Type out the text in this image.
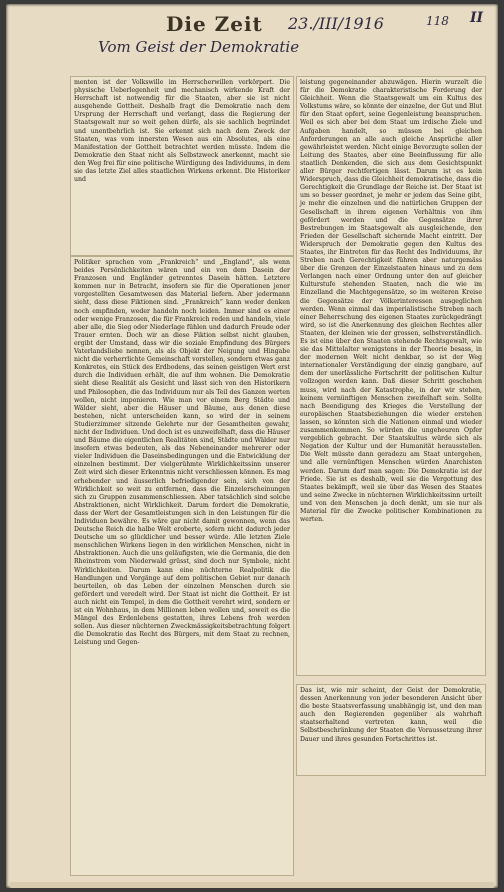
Die Zeit 23./III/1916	118 II
Vom Geist der Demokratie

menten ist der Volkswille im Herrscherwillen verkörpert. Die physische Ueberlegenheit und mechanisch wirkende Kraft der Herrschaft ist notwendig für die Staaten, aber sie ist nicht ausgehende Gottheit. Deshalb fragt die Demokratie nach dem Ursprung der Herrschaft und verlangt, dass die Regierung der Staatsgewalt nur so weit gehen dürfe, als sie sachlich begründet und unentbehrlich ist. Sie erkennt sich nach dem Zweck der Staaten, was vom innersten Wesen aus ein Absolutes, als eine Manifestation der Gottheit betrachtet werden müsste. Indem die Demokratie den Staat nicht als Selbstzweck anerkennt, macht sie den Weg frei für eine politische Würdigung des Individuums, in dem sie das letzte Ziel alles staatlichen Wirkens erkennt. Die Historiker und

Politiker sprachen vom „Frankreich“ und „England“, als wenn beides Persönlichkeiten wären und ein von dem Dasein der Franzosen und Engländer getrenntes Dasein hätten. Letztere kommen nur in Betracht, insofern sie für die Operationen jener vorgestellten Gesamtwesen das Material liefern. Aber jedermann sieht, dass diese Fiktionen sind. „Frankreich“ kann weder denken noch empfinden, weder handeln noch leiden. Immer sind es einer oder wenige Franzosen, die für Frankreich reden und handeln, viele aber alle, die Sieg oder Niederlage fühlen und dadurch Freude oder Trauer ernten. Doch wir an diese Fiktion selbst nicht glauben, ergibt der Umstand, dass wir die soziale Empfindung des Bürgers Vaterlandsliebe nennen, als als Objekt der Neigung und Hingabe nicht die verherrlichte Gemeinschaft vorstellen, sondern etwas ganz Konkretes, ein Stück des Erdbodens, das seinen geistigen Wert erst durch die Individuen erhält, die auf ihm wohnen. Die Demokratie sieht diese Realität als Gesicht und lässt sich von den Historikern und Philosophen, die das Individuum nur als Teil des Ganzen werten wollen, nicht imponieren. Wie man vor einem Berg Städte und Wälder sieht, aber die Häuser und Bäume, aus denen diese bestehen, nicht unterscheiden kann, so wird der in seinem Studierzimmer sitzende Gelehrte nur der Gesamtheiten gewahr, nicht der Individuen. Und doch ist es unzweifelhaft, dass die Häuser und Bäume die eigentlichen Realitäten sind, Städte und Wälder nur insofern etwas bedeuten, als das Nebeneinander mehrerer oder vieler Individuen die Daseinsbedingungen und die Entwicklung der einzelnen bestimmt. Der vielgerühmte Wirklichkeitssinn unserer Zeit wird sich dieser Erkenntnis nicht verschliessen können. Es mag erhebender und äusserlich befriedigender sein, sich von der Wirklichkeit so weit zu entfernen, dass die Einzelerscheinungen sich zu Gruppen zusammenschliessen. Aber tatsächlich sind solche Abstraktionen, nicht Wirklichkeit. Darum fordert die Demokratie, dass der Wert der Gesamtleistungen sich in den Leistungen für die Individuen bewähre. Es wäre gar nicht damit gewonnen, wenn das Deutsche Reich die halbe Welt eroberte, sofern nicht dadurch jeder Deutsche um so glücklicher und besser würde. Alle letzten Ziele menschlichen Wirkens liegen in den wirklichen Menschen, nicht in Abstraktionen. Auch die uns geläufigsten, wie die Germania, die den Rheinstrom vom Niederwald grüsst, sind doch nur Symbole, nicht Wirklichkeiten. Darum kann eine nüchterne Realpolitik die Handlungen und Vorgänge auf dem politischen Gebiet nur danach beurteilen, ob das Leben der einzelnen Menschen durch sie gefördert und veredelt wird. Der Staat ist nicht die Gottheit. Er ist auch nicht ein Tempel, in dem die Gottheit verehrt wird, sondern er ist ein Wohnhaus, in dem Millionen leben wollen und, soweit es die Mängel des Erdenlebens gestatten, ihres Lebens froh werden sollen. Aus dieser nüchternen Zweckmässigkeitsbetrachtung folgert die Demokratie das Recht des Bürgers, mit dem Staat zu rechnen, Leistung und Gegen-

leistung gegeneinander abzuwägen. Hierin wurzelt die für die Demokratie charakteristische Forderung der Gleichheit. Wenn die Staatsgewalt um ein Kultus des Volkstums wäre, so könnte der einzelne, der Gut und Blut für den Staat opfert, seine Gegenleistung beanspruchen. Weil es sich aber bei dem Staat um irdische Ziele und Aufgaben handelt, so müssen bei gleichen Anforderungen an alle auch gleiche Ansprüche aller gewährleistet werden. Nicht einige Bevorzugte sollen der Leitung des Staates, aber eine Beeinflussung für alle staatlich Denkenden, die sich aus dem Gesichtspunkt aller Bürger rechtfertigen lässt. Darum ist es kein Widerspruch, dass die Gleichheit demokratische, dass die Gerechtigkeit die Grundlage der Reiche ist. Der Staat ist um so besser geordnet, je mehr er jedem das Seine gibt, je mehr die einzelnen und die natürlichen Gruppen der Gesellschaft in ihrem eigenen Verhältnis von ihm gefördert werden und die Gegensätze ihrer Bestrebungen im Staatsgewalt als ausgleichende, den Frieden der Gesellschaft sichernde Macht eintritt. Der Widerspruch der Demokratie gegen den Kultus des Staates, ihr Eintreten für das Recht des Individuums, ihr Streben nach Gerechtigkeit führen aber naturgemäss über die Grenzen der Einzelstaaten hinaus und zu dem Verlangen nach einer Ordnung unter den auf gleicher Kulturstufe stehenden Staaten, nach die wie im Einzelland die Machtgegensätze, so im weiteren Kreise die Gegensätze der Völkerinteressen ausgeglichen werden. Wenn einmal das imperialistische Streben nach einer Beherrschung des eigenen Staates zurückgedrängt wird, so ist die Anerkennung des gleichen Rechtes aller Staaten, der kleinen wie der grossen, selbstverständlich. Es ist eine über den Staaten stehende Rechtsgewalt, wie sie das Mittelalter wenigstens in der Theorie besass, in der modernen Welt nicht denkbar, so ist der Weg internationaler Verständigung der einzig gangbare, auf dem der unerlässliche Fortschritt der politischen Kultur vollzogen werden kann. Daß dieser Schritt geschehen muss, wird nach der Katastrophe, in der wir stehen, keinem vernünftigen Menschen zweifelhaft sein. Sollte nach Beendigung des Krieges die Verstellung der europäischen Staatsbeziehungen die wieder erstehen lassen, so könnten sich die Nationen einmal und wieder zusammenkommen. So würden die ungeheuren Opfer vergeblich gebracht. Der Staatskultus würde sich als Negation der Kultur und der Humanität herausstellen. Die Welt müsste dann geradezu am Staat untergehen, und alle vernünftigen Menschen würden Anarchisten werden. Darum darf man sagen: Die Demokratie ist der Friede. Sie ist es deshalb, weil sie die Vergottung des Staates bekämpft, weil sie über das Wesen des Staates und seine Zwecke in nüchternen Wirklichkeitssinn urteilt und von den Menschen ja doch denkt, um sie nur als Material für die Zwecke politischer Kombinationen zu werten.

Das ist, wie mir scheint, der Geist der Demokratie, dessen Anerkennung von jeder besonderen Ansicht über die beste Staatsverfassung unabhängig ist, und den man auch den Regierenden gegenüber als wahrhaft staatserhaltend vertreten kann, weil die Selbstbeschränkung der Staaten die Voraussetzung ihrer Dauer und ihres gesunden Fortschrittes ist.
